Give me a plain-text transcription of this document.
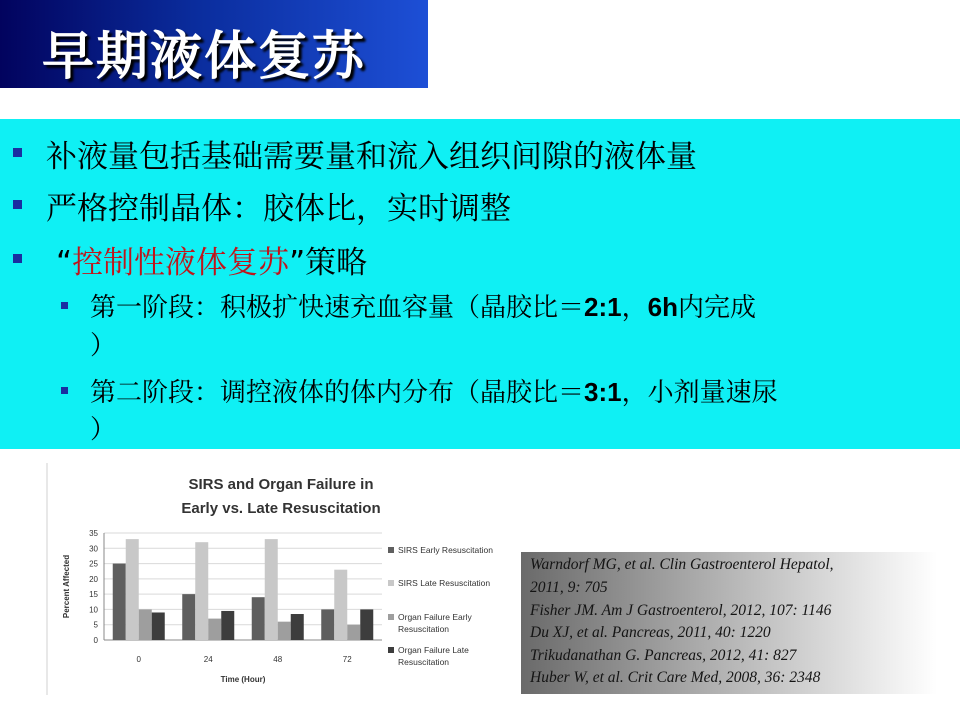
早期液体复苏
补液量包括基础需要量和流入组织间隙的液体量
严格控制晶体：胶体比，实时调整
“控制性液体复苏”策略
第一阶段：积极扩快速充血容量（晶胶比＝2:1，6h内完成
）
第二阶段：调控液体的体内分布（晶胶比＝3:1，小剂量速尿
）
SIRS and Organ Failure in
Early vs. Late Resuscitation
0
5
10
15
20
25
30
35
0	24	48	72
Percent Affected
Time (Hour)
SIRS Early Resuscitation
SIRS Late Resuscitation
Organ Failure Early
Resuscitation
Organ Failure Late
Resuscitation
Warndorf MG, et al. Clin Gastroenterol Hepatol,
2011, 9: 705
Fisher JM. Am J Gastroenterol, 2012, 107: 1146
Du XJ, et al. Pancreas, 2011, 40: 1220
Trikudanathan G. Pancreas, 2012, 41: 827
Huber W, et al. Crit Care Med, 2008, 36: 2348
